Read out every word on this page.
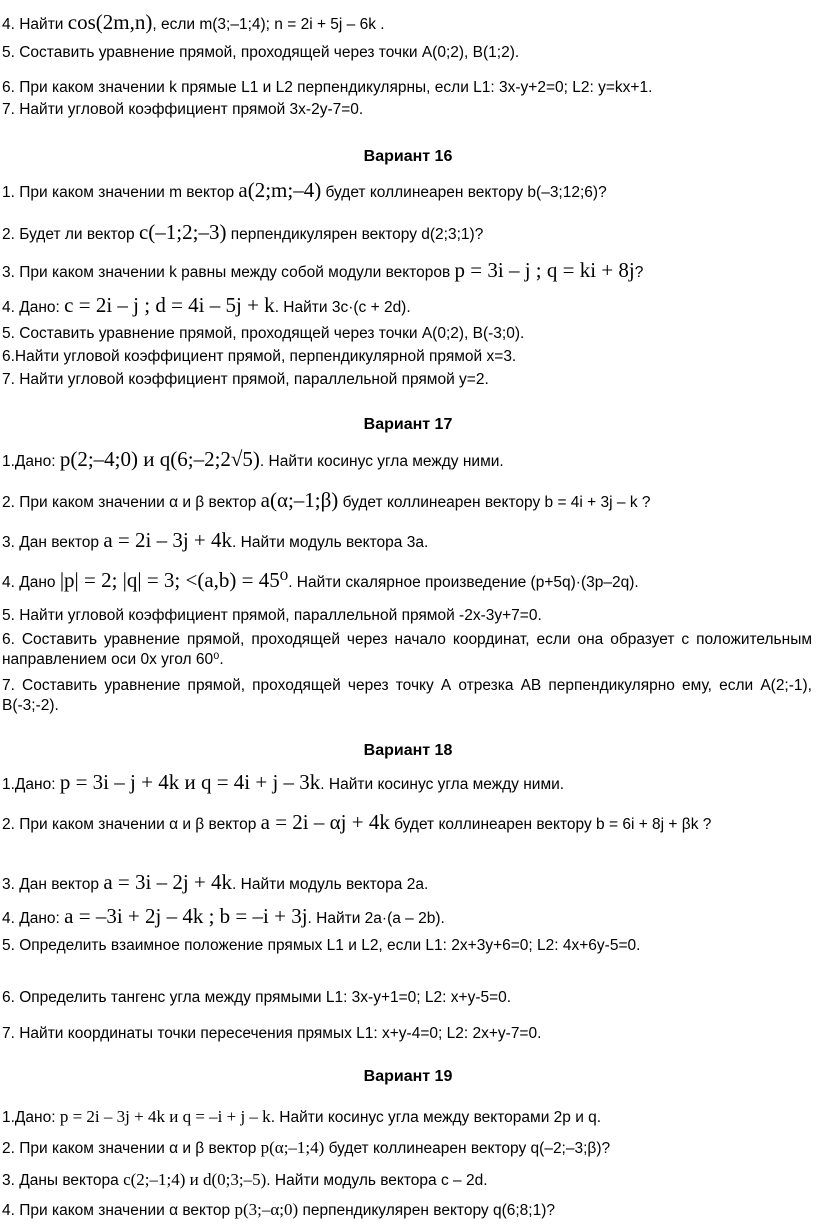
4. Найти cos(2m,n), если m(3;–1;4); n = 2i + 5j – 6k .
5. Составить уравнение прямой, проходящей через точки А(0;2), В(1;2).
6. При каком значении k прямые L1 и L2 перпендикулярны, если L1: 3x-y+2=0; L2: y=kx+1.
7. Найти угловой коэффициент прямой 3x-2y-7=0.
Вариант 16
1. При каком значении m вектор a(2;m;–4) будет коллинеарен вектору b(–3;12;6)?
2. Будет ли вектор c(–1;2;–3) перпендикулярен вектору d(2;3;1)?
3. При каком значении k равны между собой модули векторов p = 3i – j ; q = ki + 8j?
4. Дано: c = 2i – j ; d = 4i – 5j + k. Найти 3c·(c + 2d).
5. Составить уравнение прямой, проходящей через точки А(0;2), В(-3;0).
6.Найти угловой коэффициент прямой, перпендикулярной прямой x=3.
7. Найти угловой коэффициент прямой, параллельной прямой y=2.
Вариант 17
1.Дано: p(2;–4;0) и q(6;–2;2√5). Найти косинус угла между ними.
2. При каком значении α и β вектор a(α;–1;β) будет коллинеарен вектору b = 4i + 3j – k ?
3. Дан вектор a = 2i – 3j + 4k. Найти модуль вектора 3a.
4. Дано |p| = 2; |q| = 3; <(a,b) = 45⁰. Найти скалярное произведение (p+5q)·(3p–2q).
5. Найти угловой коэффициент прямой, параллельной прямой -2x-3y+7=0.
6. Составить уравнение прямой, проходящей через начало координат, если она образует с положительным направлением оси 0x угол 60⁰.
7. Составить уравнение прямой, проходящей через точку А отрезка АВ перпендикулярно ему, если А(2;-1), В(-3;-2).
Вариант 18
1.Дано: p = 3i – j + 4k и q = 4i + j – 3k. Найти косинус угла между ними.
2. При каком значении α и β вектор a = 2i – αj + 4k будет коллинеарен вектору b = 6i + 8j + βk ?
3. Дан вектор a = 3i – 2j + 4k. Найти модуль вектора 2a.
4. Дано: a = –3i + 2j – 4k ; b = –i + 3j. Найти 2a·(a – 2b).
5. Определить взаимное положение прямых L1 и L2, если L1: 2x+3y+6=0; L2: 4x+6y-5=0.
6. Определить тангенс угла между прямыми L1: 3x-y+1=0; L2: x+y-5=0.
7. Найти координаты точки пересечения прямых L1: x+y-4=0; L2: 2x+y-7=0.
Вариант 19
1.Дано: p = 2i – 3j + 4k и q = –i + j – k. Найти косинус угла между векторами 2p и q.
2. При каком значении α и β вектор p(α;–1;4) будет коллинеарен вектору q(–2;–3;β)?
3. Даны вектора c(2;–1;4) и d(0;3;–5). Найти модуль вектора c – 2d.
4. При каком значении α вектор p(3;–α;0) перпендикулярен вектору q(6;8;1)?
